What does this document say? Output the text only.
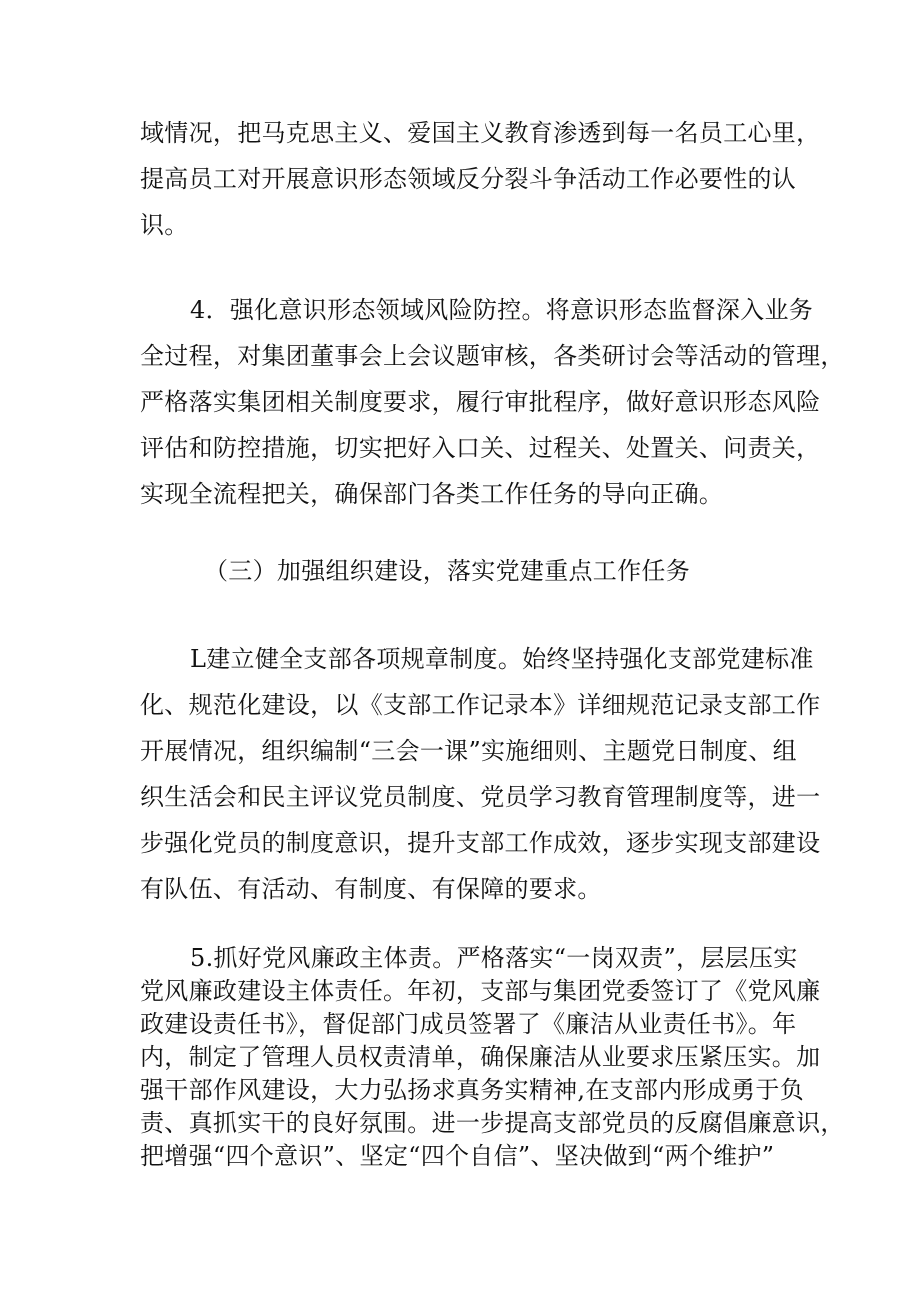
域情况，把马克思主义、爱国主义教育渗透到每一名员工心里，
提高员工对开展意识形态领域反分裂斗争活动工作必要性的认
识。
4．强化意识形态领域风险防控。将意识形态监督深入业务
全过程，对集团董事会上会议题审核，各类研讨会等活动的管理，
严格落实集团相关制度要求，履行审批程序，做好意识形态风险
评估和防控措施，切实把好入口关、过程关、处置关、问责关，
实现全流程把关，确保部门各类工作任务的导向正确。
（三）加强组织建设，落实党建重点工作任务
L建立健全支部各项规章制度。始终坚持强化支部党建标准
化、规范化建设，以《支部工作记录本》详细规范记录支部工作
开展情况，组织编制“三会一课”实施细则、主题党日制度、组
织生活会和民主评议党员制度、党员学习教育管理制度等，进一
步强化党员的制度意识，提升支部工作成效，逐步实现支部建设
有队伍、有活动、有制度、有保障的要求。
5.抓好党风廉政主体责。严格落实“一岗双责”，层层压实
党风廉政建设主体责任。年初，支部与集团党委签订了《党风廉
政建设责任书》，督促部门成员签署了《廉洁从业责任书》。年
内，制定了管理人员权责清单，确保廉洁从业要求压紧压实。加
强干部作风建设，大力弘扬求真务实精神,在支部内形成勇于负
责、真抓实干的良好氛围。进一步提高支部党员的反腐倡廉意识，
把增强“四个意识”、坚定“四个自信”、坚决做到“两个维护”
